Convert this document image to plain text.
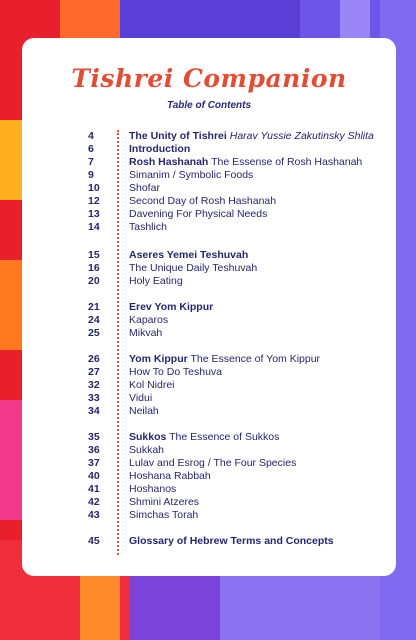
Tishrei Companion
Table of Contents
4	The Unity of Tishrei Harav Yussie Zakutinsky Shlita
6	Introduction
7	Rosh Hashanah The Essense of Rosh Hashanah
9	Simanim / Symbolic Foods
10	Shofar
12	Second Day of Rosh Hashanah
13	Davening For Physical Needs
14	Tashlich
15	Aseres Yemei Teshuvah
16	The Unique Daily Teshuvah
20	Holy Eating
21	Erev Yom Kippur
24	Kaparos
25	Mikvah
26	Yom Kippur The Essence of Yom Kippur
27	How To Do Teshuva
32	Kol Nidrei
33	Vidui
34	Neilah
35	Sukkos The Essence of Sukkos
36	Sukkah
37	Lulav and Esrog / The Four Species
40	Hoshana Rabbah
41	Hoshanos
42	Shmini Atzeres
43	Simchas Torah
45	Glossary of Hebrew Terms and Concepts
